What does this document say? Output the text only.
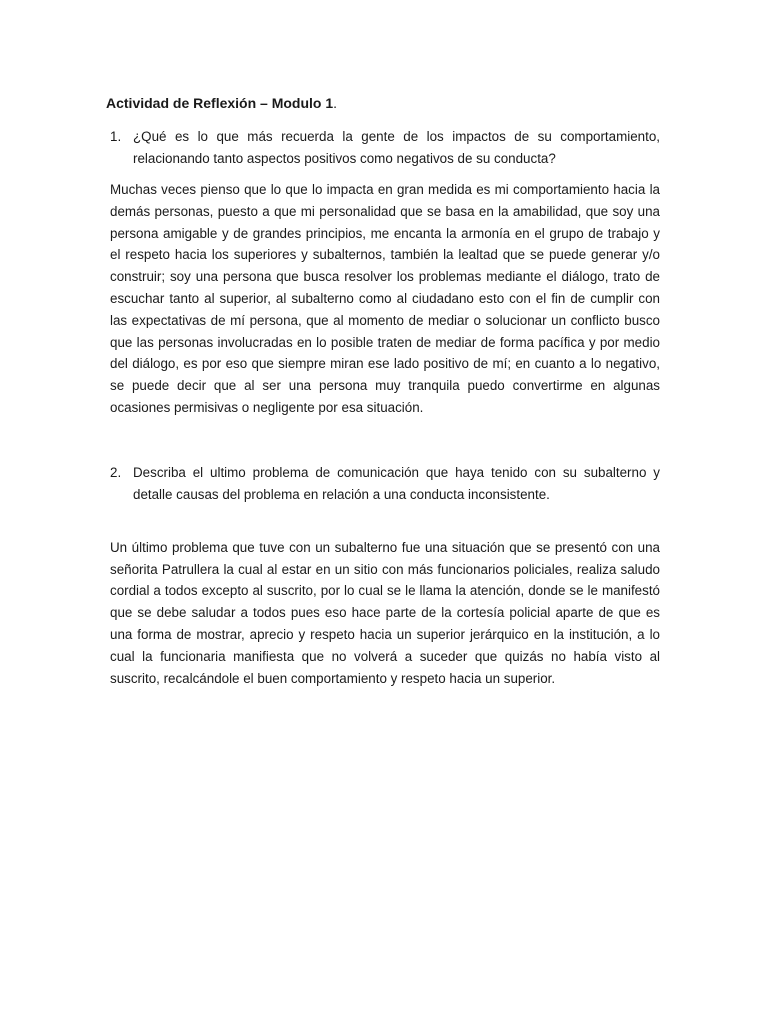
Actividad de Reflexión – Modulo 1.
1. ¿Qué es lo que más recuerda la gente de los impactos de su comportamiento, relacionando tanto aspectos positivos como negativos de su conducta?

Muchas veces pienso que lo que lo impacta en gran medida es mi comportamiento hacia la demás personas, puesto a que mi personalidad que se basa en la amabilidad, que soy una persona amigable y de grandes principios, me encanta la armonía en el grupo de trabajo y el respeto hacia los superiores y subalternos, también la lealtad que se puede generar y/o construir; soy una persona que busca resolver los problemas mediante el diálogo, trato de escuchar tanto al superior, al subalterno como al ciudadano esto con el fin de cumplir con las expectativas de mí persona, que al momento de mediar o solucionar un conflicto busco que las personas involucradas en lo posible traten de mediar de forma pacífica y por medio del diálogo, es por eso que siempre miran ese lado positivo de mí; en cuanto a lo negativo, se puede decir que al ser una persona muy tranquila puedo convertirme en algunas ocasiones permisivas o negligente por esa situación.

2. Describa el ultimo problema de comunicación que haya tenido con su subalterno y detalle causas del problema en relación a una conducta inconsistente.

Un último problema que tuve con un subalterno fue una situación que se presentó con una señorita Patrullera la cual al estar en un sitio con más funcionarios policiales, realiza saludo cordial a todos excepto al suscrito, por lo cual se le llama la atención, donde se le manifestó que se debe saludar a todos pues eso hace parte de la cortesía policial aparte de que es una forma de mostrar, aprecio y respeto hacia un superior jerárquico en la institución, a lo cual la funcionaria manifiesta que no volverá a suceder que quizás no había visto al suscrito, recalcándole el buen comportamiento y respeto hacia un superior.
